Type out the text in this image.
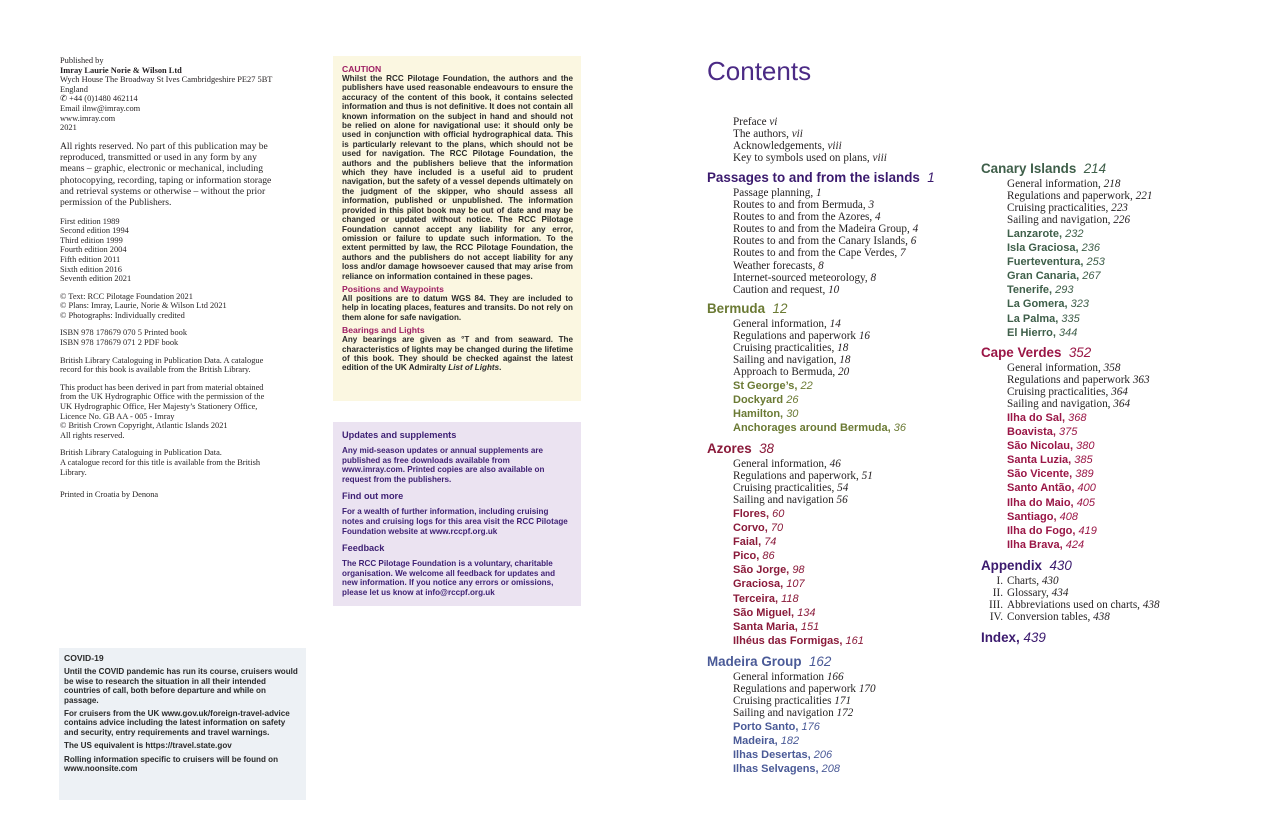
Published by
Imray Laurie Norie & Wilson Ltd
Wych House The Broadway St Ives Cambridgeshire PE27 5BT
England
✆ +44 (0)1480 462114
Email ilnw@imray.com
www.imray.com
2021
All rights reserved. No part of this publication may be
reproduced, transmitted or used in any form by any
means – graphic, electronic or mechanical, including
photocopying, recording, taping or information storage
and retrieval systems or otherwise – without the prior
permission of the Publishers.
First edition 1989
Second edition 1994
Third edition 1999
Fourth edition 2004
Fifth edition 2011
Sixth edition 2016
Seventh edition 2021
© Text: RCC Pilotage Foundation 2021
© Plans: Imray, Laurie, Norie & Wilson Ltd 2021
© Photographs: Individually credited
ISBN 978 178679 070 5 Printed book
ISBN 978 178679 071 2 PDF book
British Library Cataloguing in Publication Data. A catalogue
record for this book is available from the British Library.
This product has been derived in part from material obtained
from the UK Hydrographic Office with the permission of the
UK Hydrographic Office, Her Majesty’s Stationery Office,
Licence No. GB AA - 005 - Imray
© British Crown Copyright, Atlantic Islands 2021
All rights reserved.
British Library Cataloguing in Publication Data.
A catalogue record for this title is available from the British
Library.
Printed in Croatia by Denona

CAUTION

Whilst the RCC Pilotage Foundation, the authors and the publishers have used reasonable endeavours to ensure the accuracy of the content of this book, it contains selected information and thus is not definitive. It does not contain all known information on the subject in hand and should not be relied on alone for navigational use: it should only be used in conjunction with official hydrographical data. This is particularly relevant to the plans, which should not be used for navigation. The RCC Pilotage Foundation, the authors and the publishers believe that the information which they have included is a useful aid to prudent navigation, but the safety of a vessel depends ultimately on the judgment of the skipper, who should assess all information, published or unpublished. The information provided in this pilot book may be out of date and may be changed or updated without notice. The RCC Pilotage Foundation cannot accept any liability for any error, omission or failure to update such information. To the extent permitted by law, the RCC Pilotage Foundation, the authors and the publishers do not accept liability for any loss and/or damage howsoever caused that may arise from reliance on information contained in these pages.

Positions and Waypoints

All positions are to datum WGS 84. They are included to help in locating places, features and transits. Do not rely on them alone for safe navigation.

Bearings and Lights

Any bearings are given as °T and from seaward. The characteristics of lights may be changed during the lifetime of this book. They should be checked against the latest edition of the UK Admiralty List of Lights.

Updates and supplements

Any mid-season updates or annual supplements are published as free downloads available from www.imray.com. Printed copies are also available on request from the publishers.

Find out more

For a wealth of further information, including cruising notes and cruising logs for this area visit the RCC Pilotage Foundation website at www.rccpf.org.uk

Feedback

The RCC Pilotage Foundation is a voluntary, charitable organisation. We welcome all feedback for updates and new information. If you notice any errors or omissions, please let us know at info@rccpf.org.uk

COVID-19

Until the COVID pandemic has run its course, cruisers would be wise to research the situation in all their intended countries of call, both before departure and while on passage.

For cruisers from the UK www.gov.uk/foreign-travel-advice contains advice including the latest information on safety and security, entry requirements and travel warnings.

The US equivalent is https://travel.state.gov

Rolling information specific to cruisers will be found on www.noonsite.com

Contents
Preface vi
The authors, vii
Acknowledgements, viii
Key to symbols used on plans, viii
Passages to and from the islands 1
Passage planning, 1
Routes to and from Bermuda, 3
Routes to and from the Azores, 4
Routes to and from the Madeira Group, 4
Routes to and from the Canary Islands, 6
Routes to and from the Cape Verdes, 7
Weather forecasts, 8
Internet-sourced meteorology, 8
Caution and request, 10
Bermuda 12
General information, 14
Regulations and paperwork 16
Cruising practicalities, 18
Sailing and navigation, 18
Approach to Bermuda, 20
St George’s, 22
Dockyard 26
Hamilton, 30
Anchorages around Bermuda, 36
Azores 38
General information, 46
Regulations and paperwork, 51
Cruising practicalities, 54
Sailing and navigation 56
Flores, 60
Corvo, 70
Faial, 74
Pico, 86
São Jorge, 98
Graciosa, 107
Terceira, 118
São Miguel, 134
Santa Maria, 151
Ilhéus das Formigas, 161
Madeira Group 162
General information 166
Regulations and paperwork 170
Cruising practicalities 171
Sailing and navigation 172
Porto Santo, 176
Madeira, 182
Ilhas Desertas, 206
Ilhas Selvagens, 208
Canary Islands 214
General information, 218
Regulations and paperwork, 221
Cruising practicalities, 223
Sailing and navigation, 226
Lanzarote, 232
Isla Graciosa, 236
Fuerteventura, 253
Gran Canaria, 267
Tenerife, 293
La Gomera, 323
La Palma, 335
El Hierro, 344
Cape Verdes 352
General information, 358
Regulations and paperwork 363
Cruising practicalities, 364
Sailing and navigation, 364
Ilha do Sal, 368
Boavista, 375
São Nicolau, 380
Santa Luzia, 385
São Vicente, 389
Santo Antão, 400
Ilha do Maio, 405
Santiago, 408
Ilha do Fogo, 419
Ilha Brava, 424
Appendix 430
I. Charts, 430
II. Glossary, 434
III. Abbreviations used on charts, 438
IV. Conversion tables, 438
Index, 439
